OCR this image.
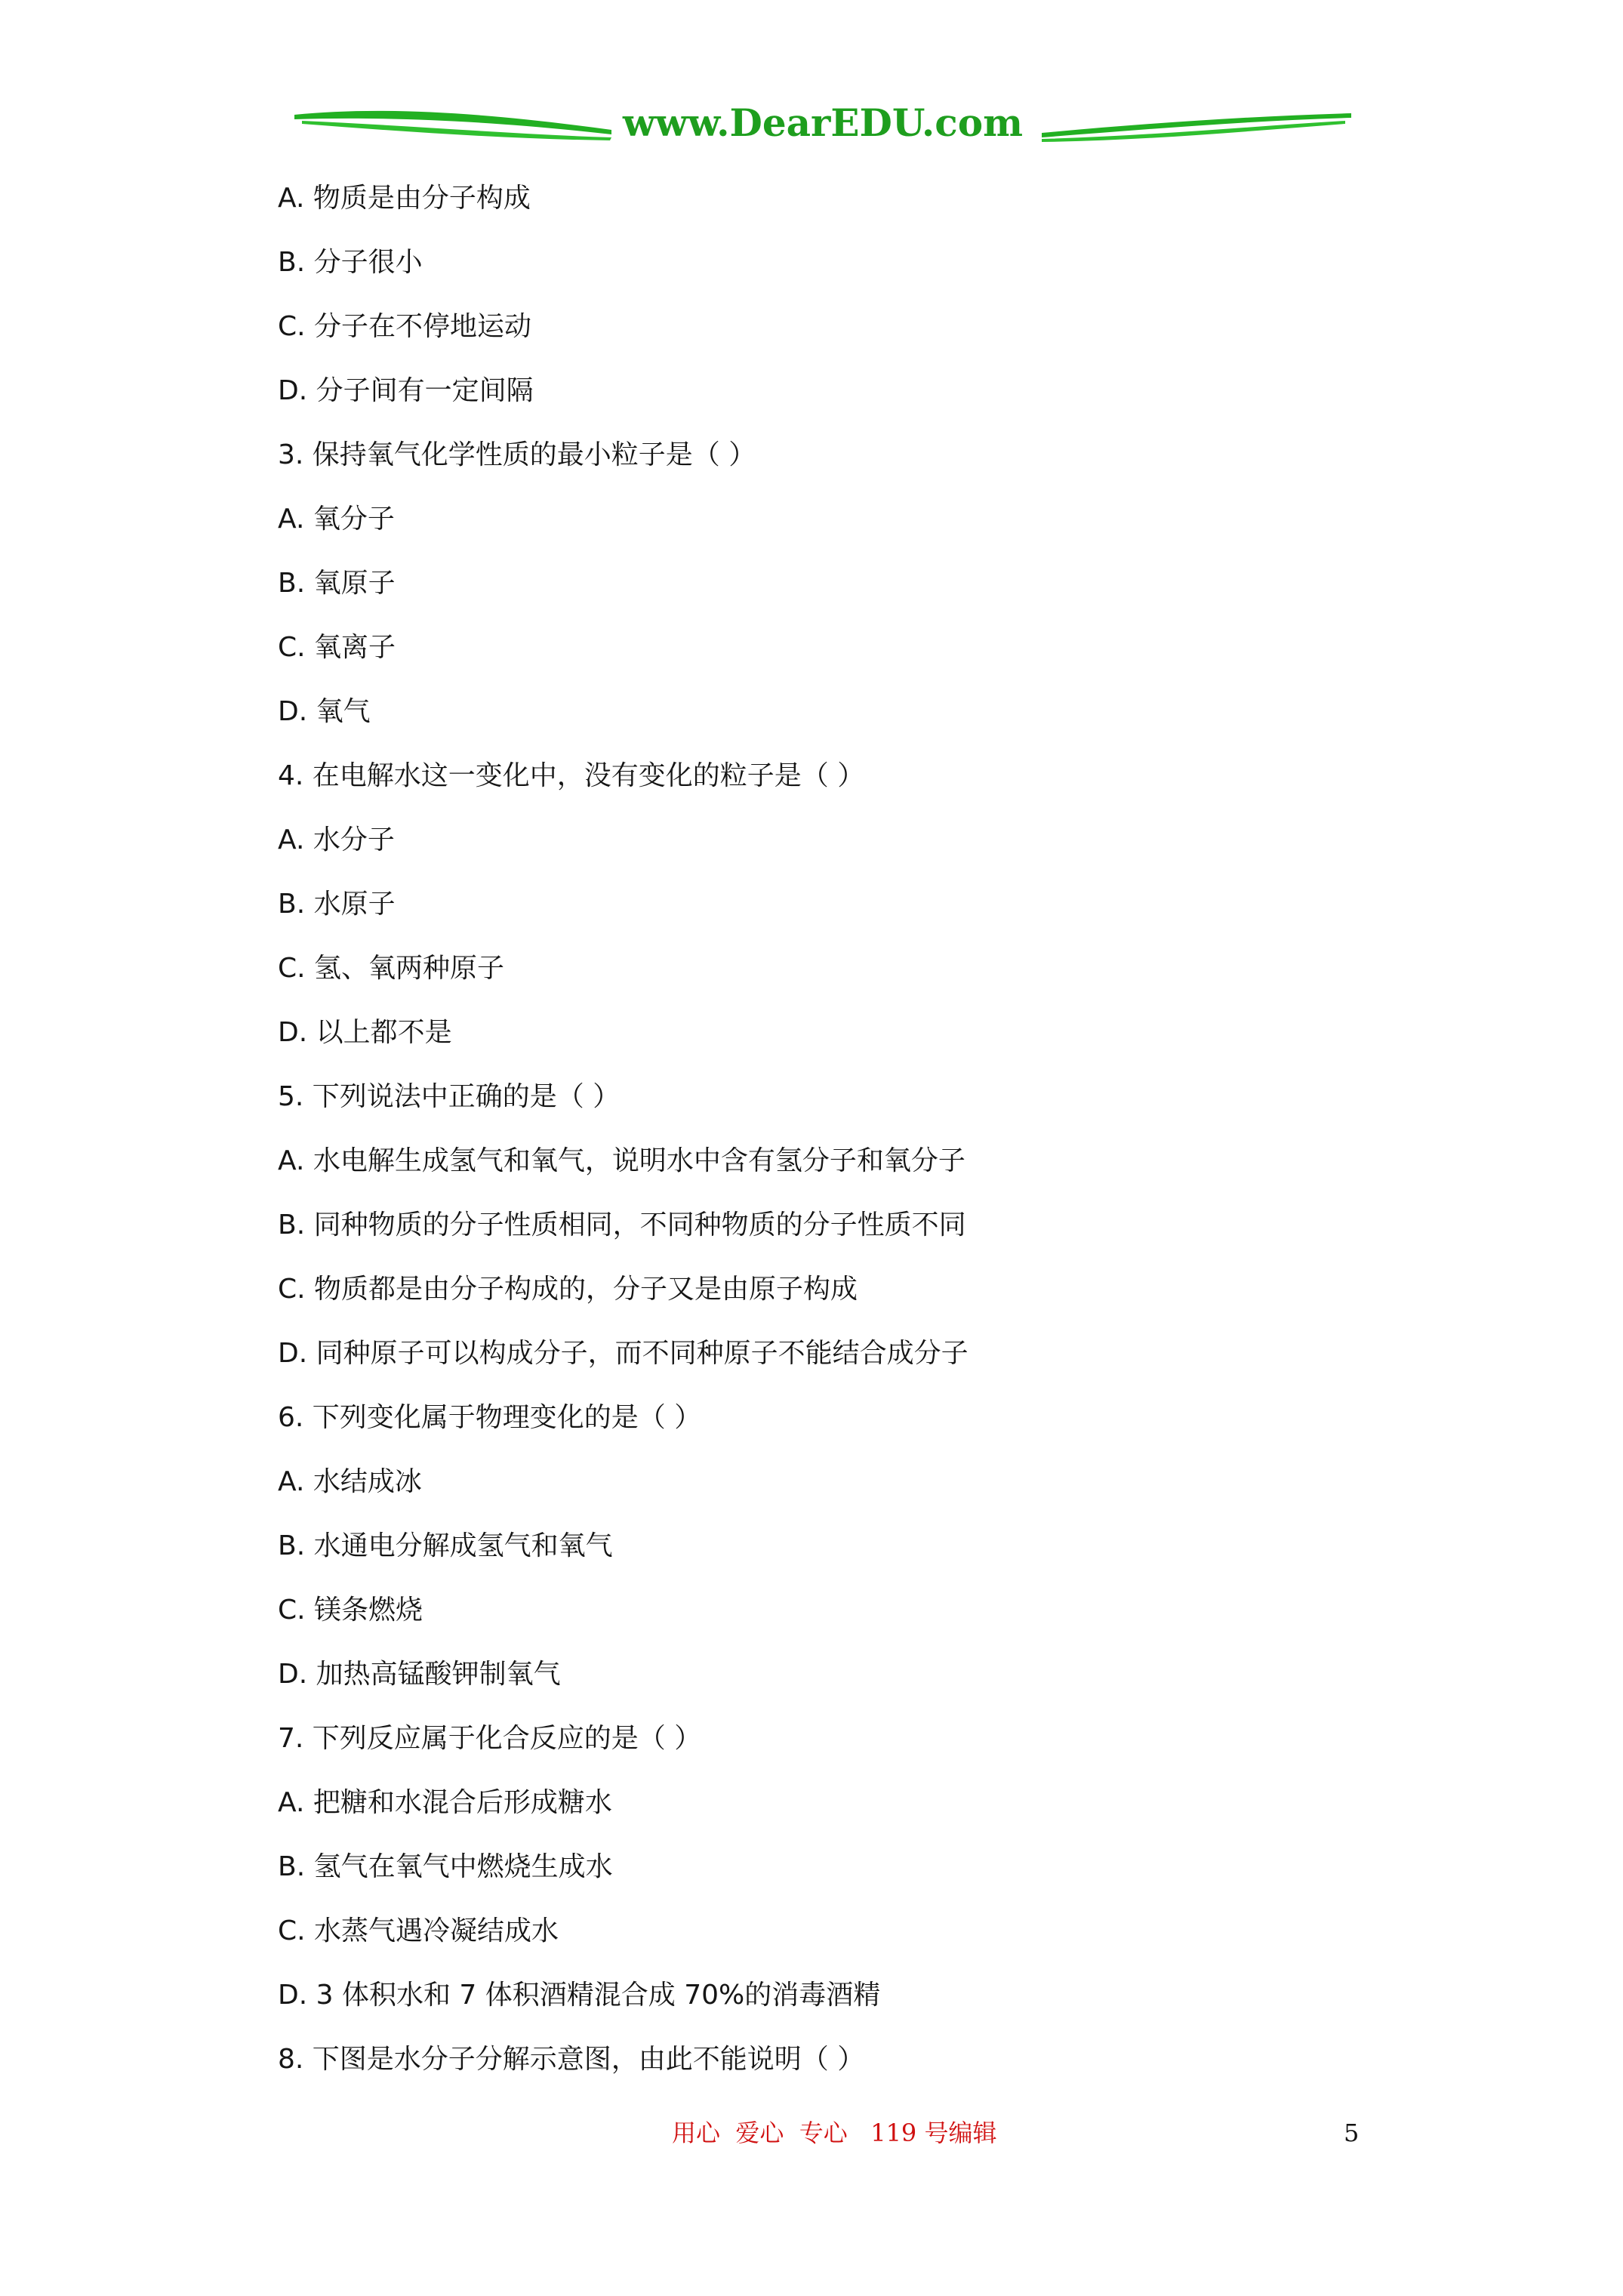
www.DearEDU.com
A. 物质是由分子构成
B. 分子很小
C. 分子在不停地运动
D. 分子间有一定间隔
3. 保持氧气化学性质的最小粒子是（ ）
A. 氧分子
B. 氧原子
C. 氧离子
D. 氧气
4. 在电解水这一变化中，没有变化的粒子是（ ）
A. 水分子
B. 水原子
C. 氢、氧两种原子
D. 以上都不是
5. 下列说法中正确的是（ ）
A. 水电解生成氢气和氧气，说明水中含有氢分子和氧分子
B. 同种物质的分子性质相同，不同种物质的分子性质不同
C. 物质都是由分子构成的，分子又是由原子构成
D. 同种原子可以构成分子，而不同种原子不能结合成分子
6. 下列变化属于物理变化的是（ ）
A. 水结成冰
B. 水通电分解成氢气和氧气
C. 镁条燃烧
D. 加热高锰酸钾制氧气
7. 下列反应属于化合反应的是（ ）
A. 把糖和水混合后形成糖水
B. 氢气在氧气中燃烧生成水
C. 水蒸气遇冷凝结成水
D. 3 体积水和 7 体积酒精混合成 70%的消毒酒精
8. 下图是水分子分解示意图，由此不能说明（ ）
用心  爱心  专心   119 号编辑	5
